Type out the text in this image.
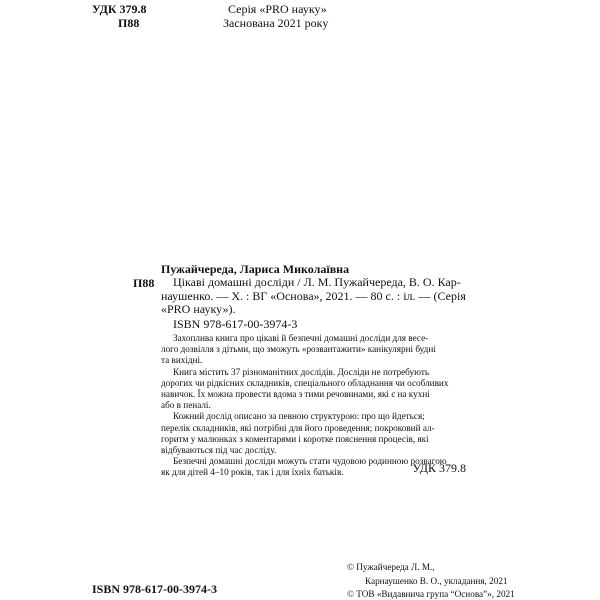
УДК 379.8
П88
Серія «PRO науку»
Заснована 2021 року
Пужайчереда, Лариса Миколаївна
П88	Цікаві домашні досліди / Л. М. Пужайчереда, В. О. Кар-

наушенко. — Х. : ВГ «Основа», 2021. — 80 с. : іл. — (Серія

«PRO науку»).

ISBN 978-617-00-3974-3

Захоплива книга про цікаві й безпечні домашні досліди для весе-

лого дозвілля з дітьми, що зможуть «розвантажити» канікулярні будні

та вихідні.

Книга містить 37 різноманітних дослідів. Досліди не потребують

дорогих чи рідкісних складників, спеціального обладнання чи особливих

навичок. Їх можна провести вдома з тими речовинами, які є на кухні

або в пеналі.

Кожний дослід описано за певною структурою: про що йдеться;

перелік складників, які потрібні для його проведення; покроковий ал-

горитм у малюнках з коментарями і коротке пояснення процесів, які

відбуваються під час досліду.

Безпечні домашні досліди можуть стати чудовою родинною розвагою

як для дітей 4–10 років, так і для їхніх батьків.	УДК 379.8
ISBN 978-617-00-3974-3
© Пужайчереда Л. М.,
Карнаушенко В. О., укладання, 2021
© ТОВ «Видавнича група “Основа”», 2021
